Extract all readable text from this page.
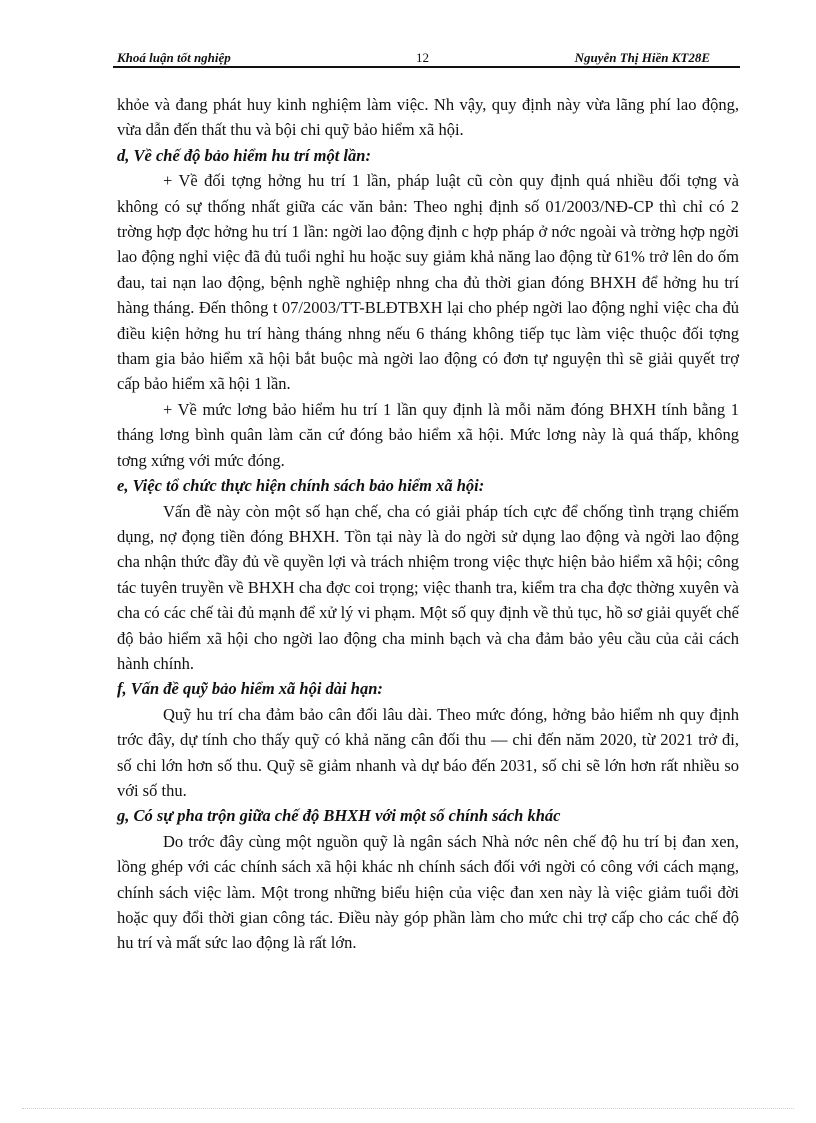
Khoá luận tốt nghiệp	12	Nguyễn Thị Hiền KT28E

khỏe và đang phát huy kinh nghiệm làm việc. Nh vậy, quy định này vừa lãng phí lao động, vừa dẫn đến thất thu và bội chi quỹ bảo hiểm xã hội.

d, Về chế độ bảo hiểm hu trí một lần:

+ Về đối tợng hởng hu trí 1 lần, pháp luật cũ còn quy định quá nhiều đối tợng và không có sự thống nhất giữa các văn bản: Theo nghị định số 01/2003/NĐ-CP thì chỉ có 2 trờng hợp đợc hởng hu trí 1 lần: ngời lao động định c hợp pháp ở nớc ngoài và trờng hợp ngời lao động nghỉ việc đã đủ tuổi nghỉ hu hoặc suy giảm khả năng lao động từ 61% trở lên do ốm đau, tai nạn lao động, bệnh nghề nghiệp nhng cha đủ thời gian đóng BHXH để hởng hu trí hàng tháng. Đến thông t 07/2003/TT-BLĐTBXH lại cho phép ngời lao động nghỉ việc cha đủ điều kiện hởng hu trí hàng tháng nhng nếu 6 tháng không tiếp tục làm việc thuộc đối tợng tham gia bảo hiểm xã hội bắt buộc mà ngời lao động có đơn tự nguyện thì sẽ giải quyết trợ cấp bảo hiểm xã hội 1 lần.

+ Về mức lơng bảo hiểm hu trí 1 lần quy định là mỗi năm đóng BHXH tính bằng 1 tháng lơng bình quân làm căn cứ đóng bảo hiểm xã hội. Mức lơng này là quá thấp, không tơng xứng với mức đóng.

e, Việc tổ chức thực hiện chính sách bảo hiểm xã hội:

Vấn đề này còn một số hạn chế, cha có giải pháp tích cực để chống tình trạng chiếm dụng, nợ đọng tiền đóng BHXH. Tồn tại này là do ngời sử dụng lao động và ngời lao động cha nhận thức đầy đủ về quyền lợi và trách nhiệm trong việc thực hiện bảo hiểm xã hội; công tác tuyên truyền về BHXH cha đợc coi trọng; việc thanh tra, kiểm tra cha đợc thờng xuyên và cha có các chế tài đủ mạnh để xử lý vi phạm. Một số quy định về thủ tục, hồ sơ giải quyết chế độ bảo hiểm xã hội cho ngời lao động cha minh bạch và cha đảm bảo yêu cầu của cải cách hành chính.

f, Vấn đề quỹ bảo hiểm xã hội dài hạn:

Quỹ hu trí cha đảm bảo cân đối lâu dài. Theo mức đóng, hởng bảo hiểm nh quy định trớc đây, dự tính cho thấy quỹ có khả năng cân đối thu — chi đến năm 2020, từ 2021 trở đi, số chi lớn hơn số thu. Quỹ sẽ giảm nhanh và dự báo đến 2031, số chi sẽ lớn hơn rất nhiều so với số thu.

g, Có sự pha trộn giữa chế độ BHXH với một số chính sách khác

Do trớc đây cùng một nguồn quỹ là ngân sách Nhà nớc nên chế độ hu trí bị đan xen, lồng ghép với các chính sách xã hội khác nh chính sách đối với ngời có công với cách mạng, chính sách việc làm. Một trong những biểu hiện của việc đan xen này là việc giảm tuổi đời hoặc quy đổi thời gian công tác. Điều này góp phần làm cho mức chi trợ cấp cho các chế độ hu trí và mất sức lao động là rất lớn.
